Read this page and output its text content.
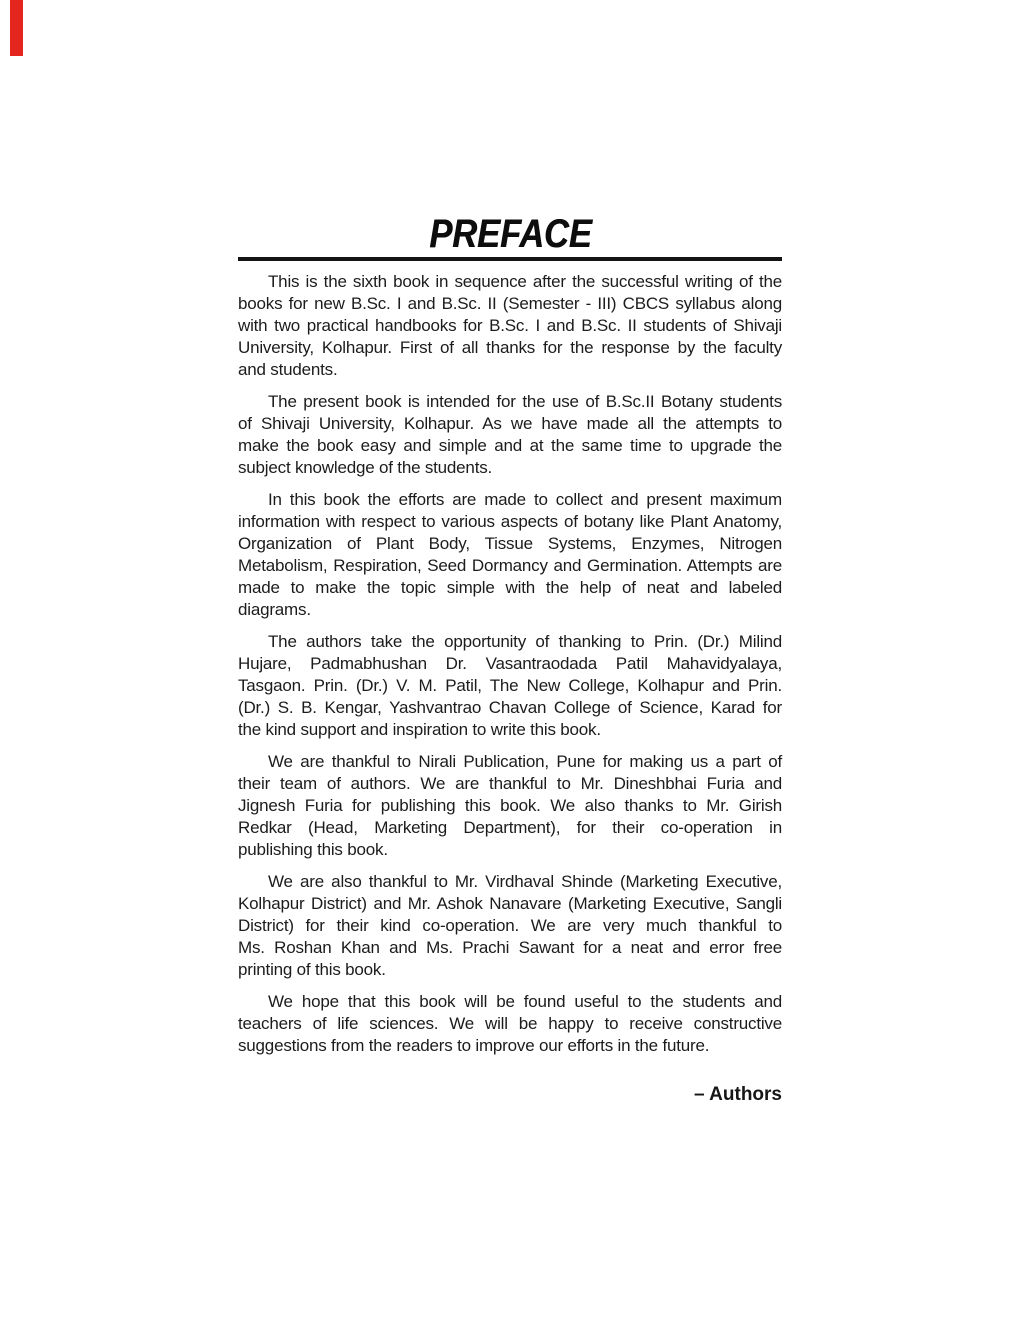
PREFACE
This is the sixth book in sequence after the successful writing of the
books for new B.Sc. I and B.Sc. II (Semester - III) CBCS syllabus along
with two practical handbooks for B.Sc. I and B.Sc. II students of Shivaji
University, Kolhapur. First of all thanks for the response by the faculty
and students.
The present book is intended for the use of B.Sc.II Botany students
of Shivaji University, Kolhapur. As we have made all the attempts to
make the book easy and simple and at the same time to upgrade the
subject knowledge of the students.
In this book the efforts are made to collect and present maximum
information with respect to various aspects of botany like Plant Anatomy,
Organization of Plant Body, Tissue Systems, Enzymes, Nitrogen
Metabolism, Respiration, Seed Dormancy and Germination. Attempts are
made to make the topic simple with the help of neat and labeled
diagrams.
The authors take the opportunity of thanking to Prin. (Dr.) Milind
Hujare, Padmabhushan Dr. Vasantraodada Patil Mahavidyalaya,
Tasgaon. Prin. (Dr.) V. M. Patil, The New College, Kolhapur and Prin.
(Dr.) S. B. Kengar, Yashvantrao Chavan College of Science, Karad for
the kind support and inspiration to write this book.
We are thankful to Nirali Publication, Pune for making us a part of
their team of authors. We are thankful to Mr. Dineshbhai Furia and
Jignesh Furia for publishing this book. We also thanks to Mr. Girish
Redkar (Head, Marketing Department), for their co-operation in
publishing this book.
We are also thankful to Mr. Virdhaval Shinde (Marketing Executive,
Kolhapur District) and Mr. Ashok Nanavare (Marketing Executive, Sangli
District) for their kind co-operation. We are very much thankful to
Ms. Roshan Khan and Ms. Prachi Sawant for a neat and error free
printing of this book.
We hope that this book will be found useful to the students and
teachers of life sciences. We will be happy to receive constructive
suggestions from the readers to improve our efforts in the future.
– Authors
